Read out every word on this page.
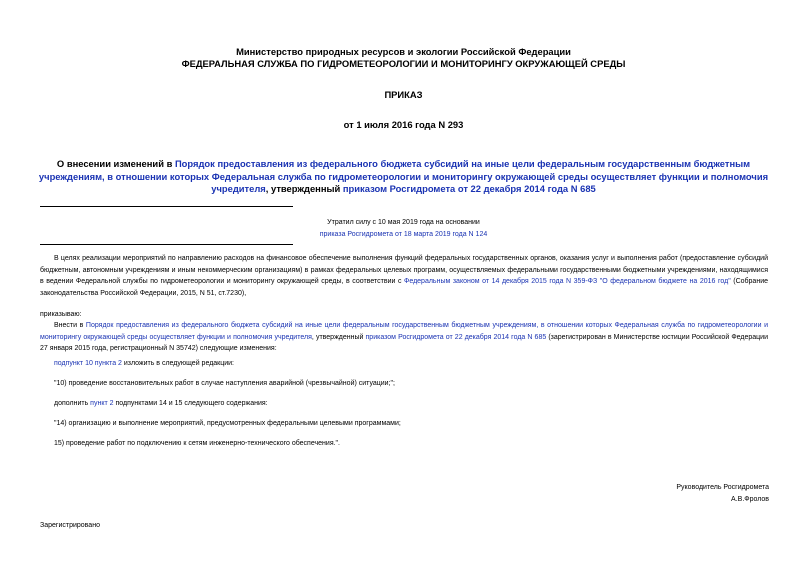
Министерство природных ресурсов и экологии Российской Федерации
ФЕДЕРАЛЬНАЯ СЛУЖБА ПО ГИДРОМЕТЕОРОЛОГИИ И МОНИТОРИНГУ ОКРУЖАЮЩЕЙ СРЕДЫ
ПРИКАЗ
от 1 июля 2016 года N 293
О внесении изменений в Порядок предоставления из федерального бюджета субсидий на иные цели федеральным государственным бюджетным учреждениям, в отношении которых Федеральная служба по гидрометеорологии и мониторингу окружающей среды осуществляет функции и полномочия учредителя, утвержденный приказом Росгидромета от 22 декабря 2014 года N 685
Утратил силу с 10 мая 2019 года на основании
приказа Росгидромета от 18 марта 2019 года N 124
В целях реализации мероприятий по направлению расходов на финансовое обеспечение выполнения функций федеральных государственных органов, оказания услуг и выполнения работ (предоставление субсидий бюджетным, автономным учреждениям и иным некоммерческим организациям) в рамках федеральных целевых программ, осуществляемых федеральными государственными бюджетными учреждениями, находящимися в ведении Федеральной службы по гидрометеорологии и мониторингу окружающей среды, в соответствии с Федеральным законом от 14 декабря 2015 года N 359-ФЗ "О федеральном бюджете на 2016 год" (Собрание законодательства Российской Федерации, 2015, N 51, ст.7230),
приказываю:
Внести в Порядок предоставления из федерального бюджета субсидий на иные цели федеральным государственным бюджетным учреждениям, в отношении которых Федеральная служба по гидрометеорологии и мониторингу окружающей среды осуществляет функции и полномочия учредителя, утвержденный приказом Росгидромета от 22 декабря 2014 года N 685 (зарегистрирован в Министерстве юстиции Российской Федерации 27 января 2015 года, регистрационный N 35742) следующие изменения:
подпункт 10 пункта 2 изложить в следующей редакции:
"10) проведение восстановительных работ в случае наступления аварийной (чрезвычайной) ситуации;";
дополнить пункт 2 подпунктами 14 и 15 следующего содержания:
"14) организацию и выполнение мероприятий, предусмотренных федеральными целевыми программами;
15) проведение работ по подключению к сетям инженерно-технического обеспечения.".
Руководитель Росгидромета
А.В.Фролов
Зарегистрировано
